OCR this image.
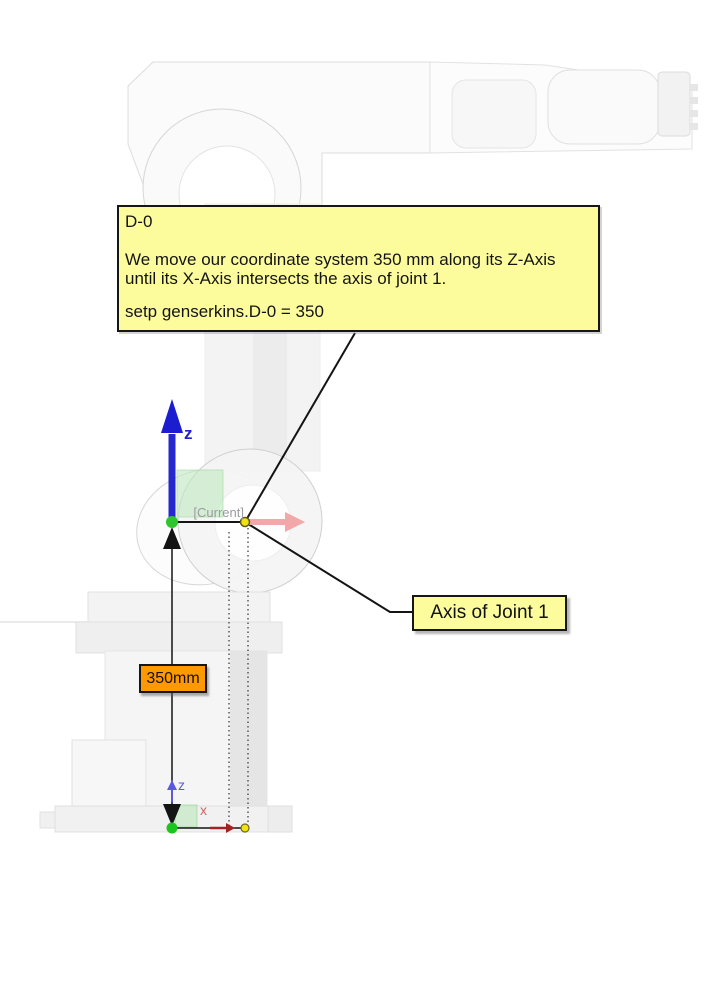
D-0
We move our coordinate system 350 mm along its Z-Axis
until its X-Axis intersects the axis of joint 1.
setp genserkins.D-0 = 350
Axis of Joint 1
350mm
[Current]
z
z
x
